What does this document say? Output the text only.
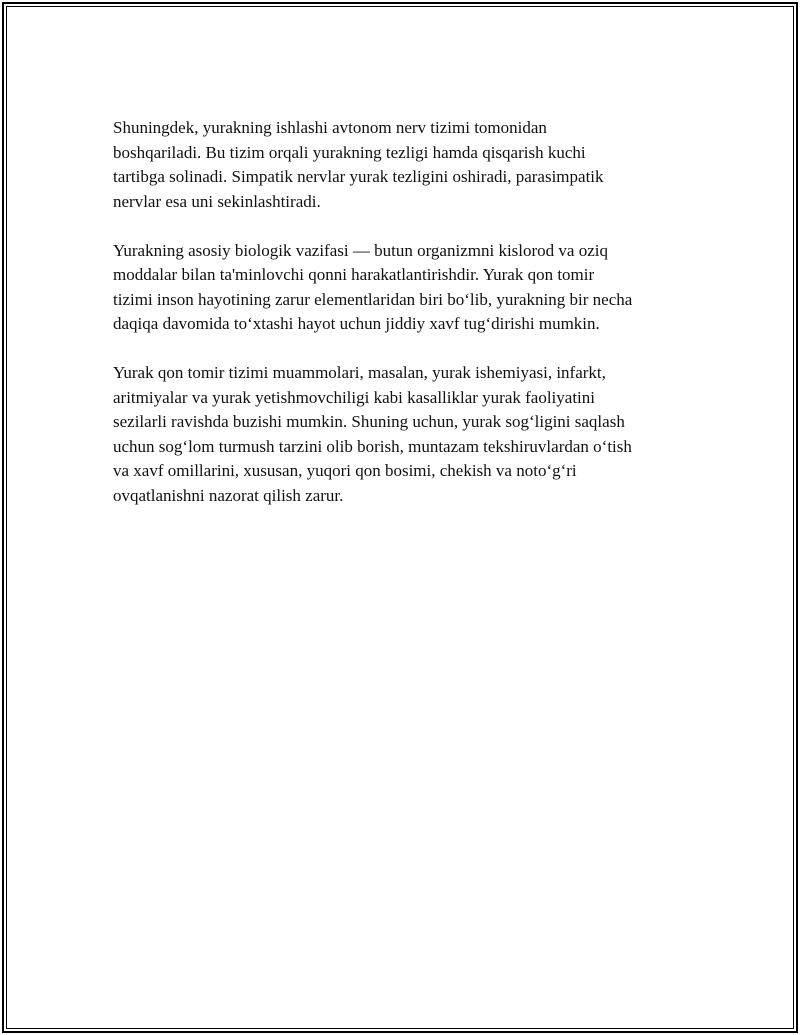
Shuningdek, yurakning ishlashi avtonom nerv tizimi tomonidan
boshqariladi. Bu tizim orqali yurakning tezligi hamda qisqarish kuchi
tartibga solinadi. Simpatik nervlar yurak tezligini oshiradi, parasimpatik
nervlar esa uni sekinlashtiradi.

Yurakning asosiy biologik vazifasi — butun organizmni kislorod va oziq
moddalar bilan ta'minlovchi qonni harakatlantirishdir. Yurak qon tomir
tizimi inson hayotining zarur elementlaridan biri bo‘lib, yurakning bir necha
daqiqa davomida to‘xtashi hayot uchun jiddiy xavf tug‘dirishi mumkin.

Yurak qon tomir tizimi muammolari, masalan, yurak ishemiyasi, infarkt,
aritmiyalar va yurak yetishmovchiligi kabi kasalliklar yurak faoliyatini
sezilarli ravishda buzishi mumkin. Shuning uchun, yurak sog‘ligini saqlash
uchun sog‘lom turmush tarzini olib borish, muntazam tekshiruvlardan o‘tish
va xavf omillarini, xususan, yuqori qon bosimi, chekish va noto‘g‘ri
ovqatlanishni nazorat qilish zarur.
